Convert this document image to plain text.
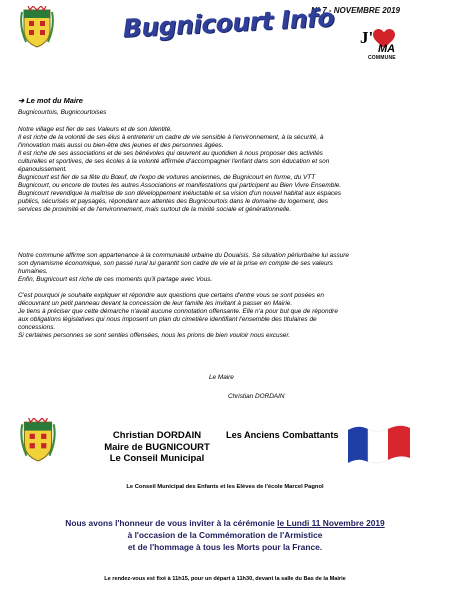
N° 7 - NOVEMBRE 2019
Bugnicourt Info J'
MA
COMMUNE
➔ Le mot du Maire

Bugnicourtois, Bugnicourtoises

Notre village est fier de ses Valeurs et de son Identité.
Il est riche de la volonté de ses élus à entretenir un cadre de vie sensible à l'environnement, à la sécurité, à
l'innovation mais aussi ou bien-être des jeunes et des personnes âgées.
Il est riche de ses associations et de ses bénévoles qui œuvrent au quotidien à nous proposer des activités
culturelles et sportives, de ses écoles à la volonté affirmée d'accompagner l'enfant dans son éducation et son
épanouissement.
Bugnicourt est fier de sa fête du Bœuf, de l'expo de voitures anciennes, de Bugnicourt en forme, du VTT
Bugnicourt, ou encore de toutes les autres Associations et manifestations qui participent au Bien Vivre Ensemble.
Bugnicourt revendique la maîtrise de son développement inéluctable et sa vision d'un nouvel habitat aux espaces
publics, sécurisés et paysagés, répondant aux attentes des Bugnicourtois dans le domaine du logement, des
services de proximité et de l'environnement, mais surtout de la mixité sociale et générationnelle.
Notre commune affirme son appartenance à la communauté urbaine du Douaisis. Sa situation périurbaine lui assure
son dynamisme économique, son passé rural lui garantit son cadre de vie et la prise en compte de ses valeurs
humaines.
Enfin, Bugnicourt est riche de ces moments qu'il partage avec Vous.
C'est pourquoi je souhaite expliquer et répondre aux questions que certains d'entre vous se sont posées en
découvrant un petit panneau devant la concession de leur famille les invitant à passer en Mairie.
Je tiens à préciser que cette démarche n'avait aucune connotation offensante. Elle n'a pour but que de répondre
aux obligations législatives qui nous imposent un plan du cimetière identifiant l'ensemble des titulaires de
concessions.
Si certaines personnes se sont senties offensées, nous les prions de bien vouloir nous excuser.
Le Maire
Christian DORDAIN
Christian DORDAIN
Maire de BUGNICOURT
Le Conseil Municipal
Les Anciens Combattants
Le Conseil Municipal des Enfants et les Elèves de l'école Marcel Pagnol
Nous avons l'honneur de vous inviter à la cérémonie le Lundi 11 Novembre 2019
à l'occasion de la Commémoration de l'Armistice
et de l'hommage à tous les Morts pour la France.
Le rendez-vous est fixé à 11h15, pour un départ à 11h30, devant la salle du Bas de la Mairie
